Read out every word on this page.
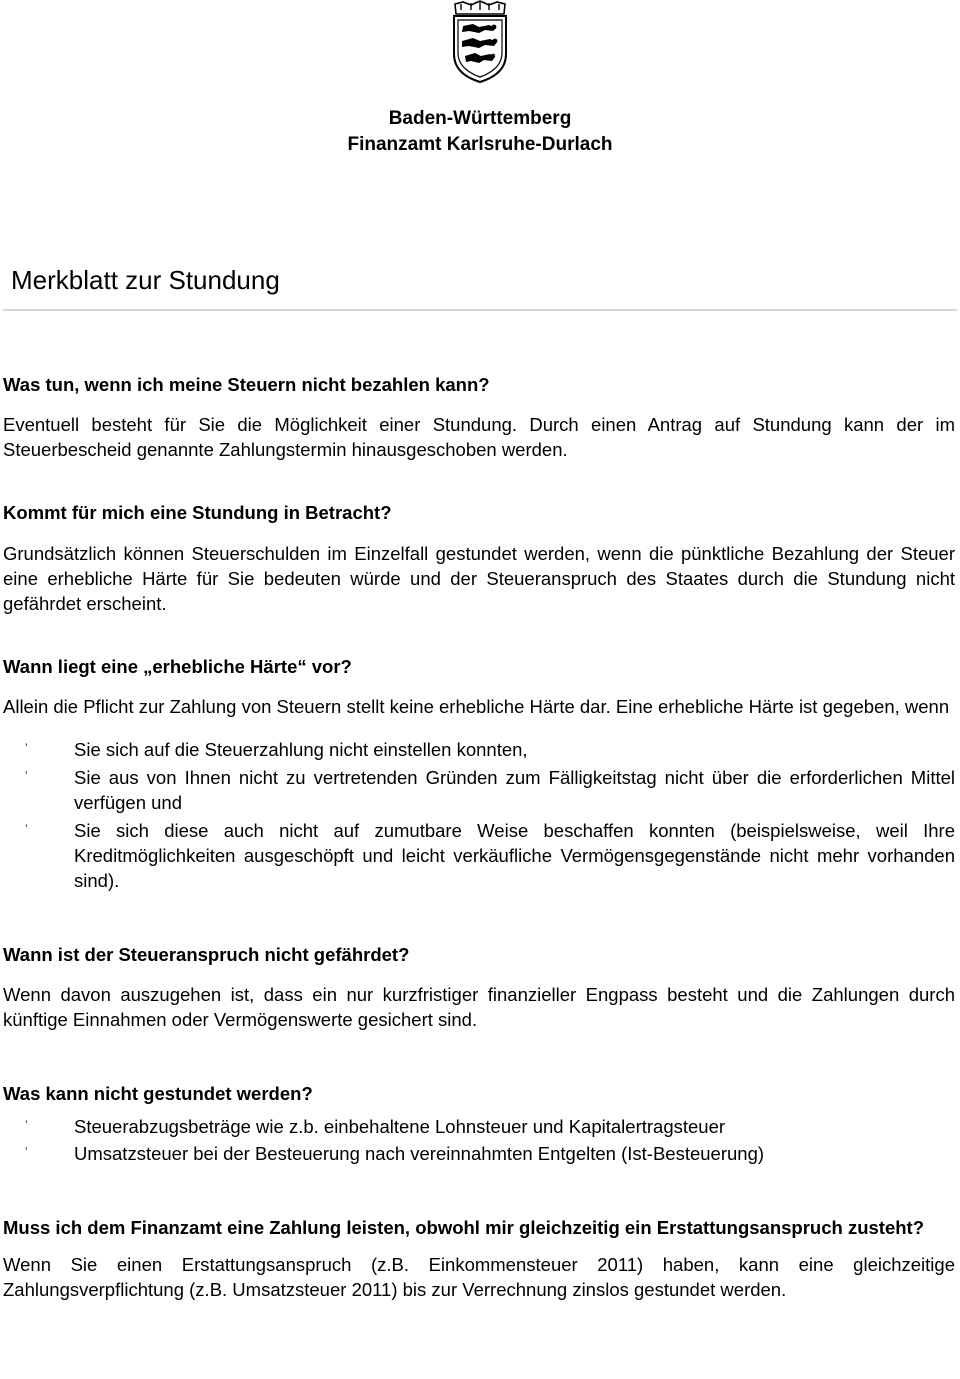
Baden-Württemberg
Finanzamt Karlsruhe-Durlach
Merkblatt zur Stundung

Was tun, wenn ich meine Steuern nicht bezahlen kann?

Eventuell besteht für Sie die Möglichkeit einer Stundung. Durch einen Antrag auf Stundung kann der im Steuerbescheid genannte Zahlungstermin hinausgeschoben werden.

Kommt für mich eine Stundung in Betracht?

Grundsätzlich können Steuerschulden im Einzelfall gestundet werden, wenn die pünktliche Bezahlung der Steuer eine erhebliche Härte für Sie bedeuten würde und der Steueranspruch des Staates durch die Stundung nicht gefährdet erscheint.

Wann liegt eine „erhebliche Härte“ vor?

Allein die Pflicht zur Zahlung von Steuern stellt keine erhebliche Härte dar. Eine erhebliche Härte ist gegeben, wenn

’	Sie sich auf die Steuerzahlung nicht einstellen konnten,
’	Sie aus von Ihnen nicht zu vertretenden Gründen zum Fälligkeitstag nicht über die erforderlichen Mittel verfügen und
’	Sie sich diese auch nicht auf zumutbare Weise beschaffen konnten (beispielsweise, weil Ihre Kreditmöglichkeiten ausgeschöpft und leicht verkäufliche Vermögensgegenstände nicht mehr vorhanden sind).

Wann ist der Steueranspruch nicht gefährdet?

Wenn davon auszugehen ist, dass ein nur kurzfristiger finanzieller Engpass besteht und die Zahlungen durch künftige Einnahmen oder Vermögenswerte gesichert sind.

Was kann nicht gestundet werden?

’	Steuerabzugsbeträge wie z.b. einbehaltene Lohnsteuer und Kapitalertragsteuer
’	Umsatzsteuer bei der Besteuerung nach vereinnahmten Entgelten (Ist-Besteuerung)

Muss ich dem Finanzamt eine Zahlung leisten, obwohl mir gleichzeitig ein Erstattungsanspruch zusteht?

Wenn Sie einen Erstattungsanspruch (z.B. Einkommensteuer 2011) haben, kann eine gleichzeitige Zahlungsverpflichtung (z.B. Umsatzsteuer 2011) bis zur Verrechnung zinslos gestundet werden.
